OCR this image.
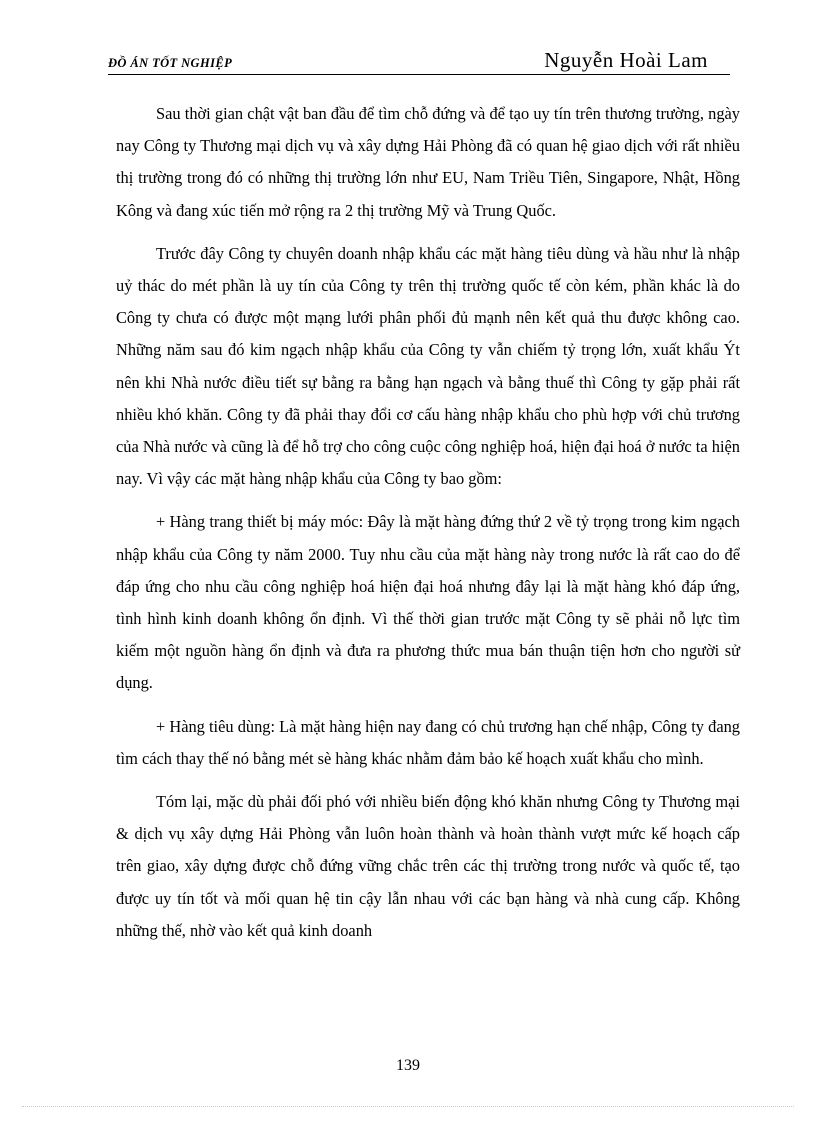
ĐỒ ÁN TỐT NGHIỆP	Nguyễn Hoài Lam

Sau thời gian chật vật ban đầu để tìm chỗ đứng và để tạo uy tín trên thương trường, ngày nay Công ty Thương mại dịch vụ và xây dựng Hải Phòng đã có quan hệ giao dịch với rất nhiều thị trường trong đó có những thị trường lớn như EU, Nam Triều Tiên, Singapore, Nhật, Hồng Kông và đang xúc tiến mở rộng ra 2 thị trường Mỹ và Trung Quốc.

Trước đây Công ty chuyên doanh nhập khẩu các mặt hàng tiêu dùng và hầu như là nhập uỷ thác do mét phần là uy tín của Công ty trên thị trường quốc tế còn kém, phần khác là do Công ty chưa có được một mạng lưới phân phối đủ mạnh nên kết quả thu được không cao. Những năm sau đó kim ngạch nhập khẩu của Công ty vẫn chiếm tỷ trọng lớn, xuất khẩu Ýt nên khi Nhà nước điều tiết sự bằng ra bằng hạn ngạch và bằng thuế thì Công ty gặp phải rất nhiều khó khăn. Công ty đã phải thay đổi cơ cấu hàng nhập khẩu cho phù hợp với chủ trương của Nhà nước và cũng là để hỗ trợ cho công cuộc công nghiệp hoá, hiện đại hoá ở nước ta hiện nay. Vì vậy các mặt hàng nhập khẩu của Công ty bao gồm:

+ Hàng trang thiết bị máy móc: Đây là mặt hàng đứng thứ 2 về tỷ trọng trong kim ngạch nhập khẩu của Công ty năm 2000. Tuy nhu cầu của mặt hàng này trong nước là rất cao do để đáp ứng cho nhu cầu công nghiệp hoá hiện đại hoá nhưng đây lại là mặt hàng khó đáp ứng, tình hình kinh doanh không ổn định. Vì thế thời gian trước mặt Công ty sẽ phải nỗ lực tìm kiếm một nguồn hàng ổn định và đưa ra phương thức mua bán thuận tiện hơn cho người sử dụng.

+ Hàng tiêu dùng: Là mặt hàng hiện nay đang có chủ trương hạn chế nhập, Công ty đang tìm cách thay thế nó bằng mét sè hàng khác nhằm đảm bảo kế hoạch xuất khẩu cho mình.

Tóm lại, mặc dù phải đối phó với nhiều biến động khó khăn nhưng Công ty Thương mại & dịch vụ xây dựng Hải Phòng vẫn luôn hoàn thành và hoàn thành vượt mức kế hoạch cấp trên giao, xây dựng được chỗ đứng vững chắc trên các thị trường trong nước và quốc tế, tạo được uy tín tốt và mối quan hệ tin cậy lẫn nhau với các bạn hàng và nhà cung cấp. Không những thế, nhờ vào kết quả kinh doanh

139
